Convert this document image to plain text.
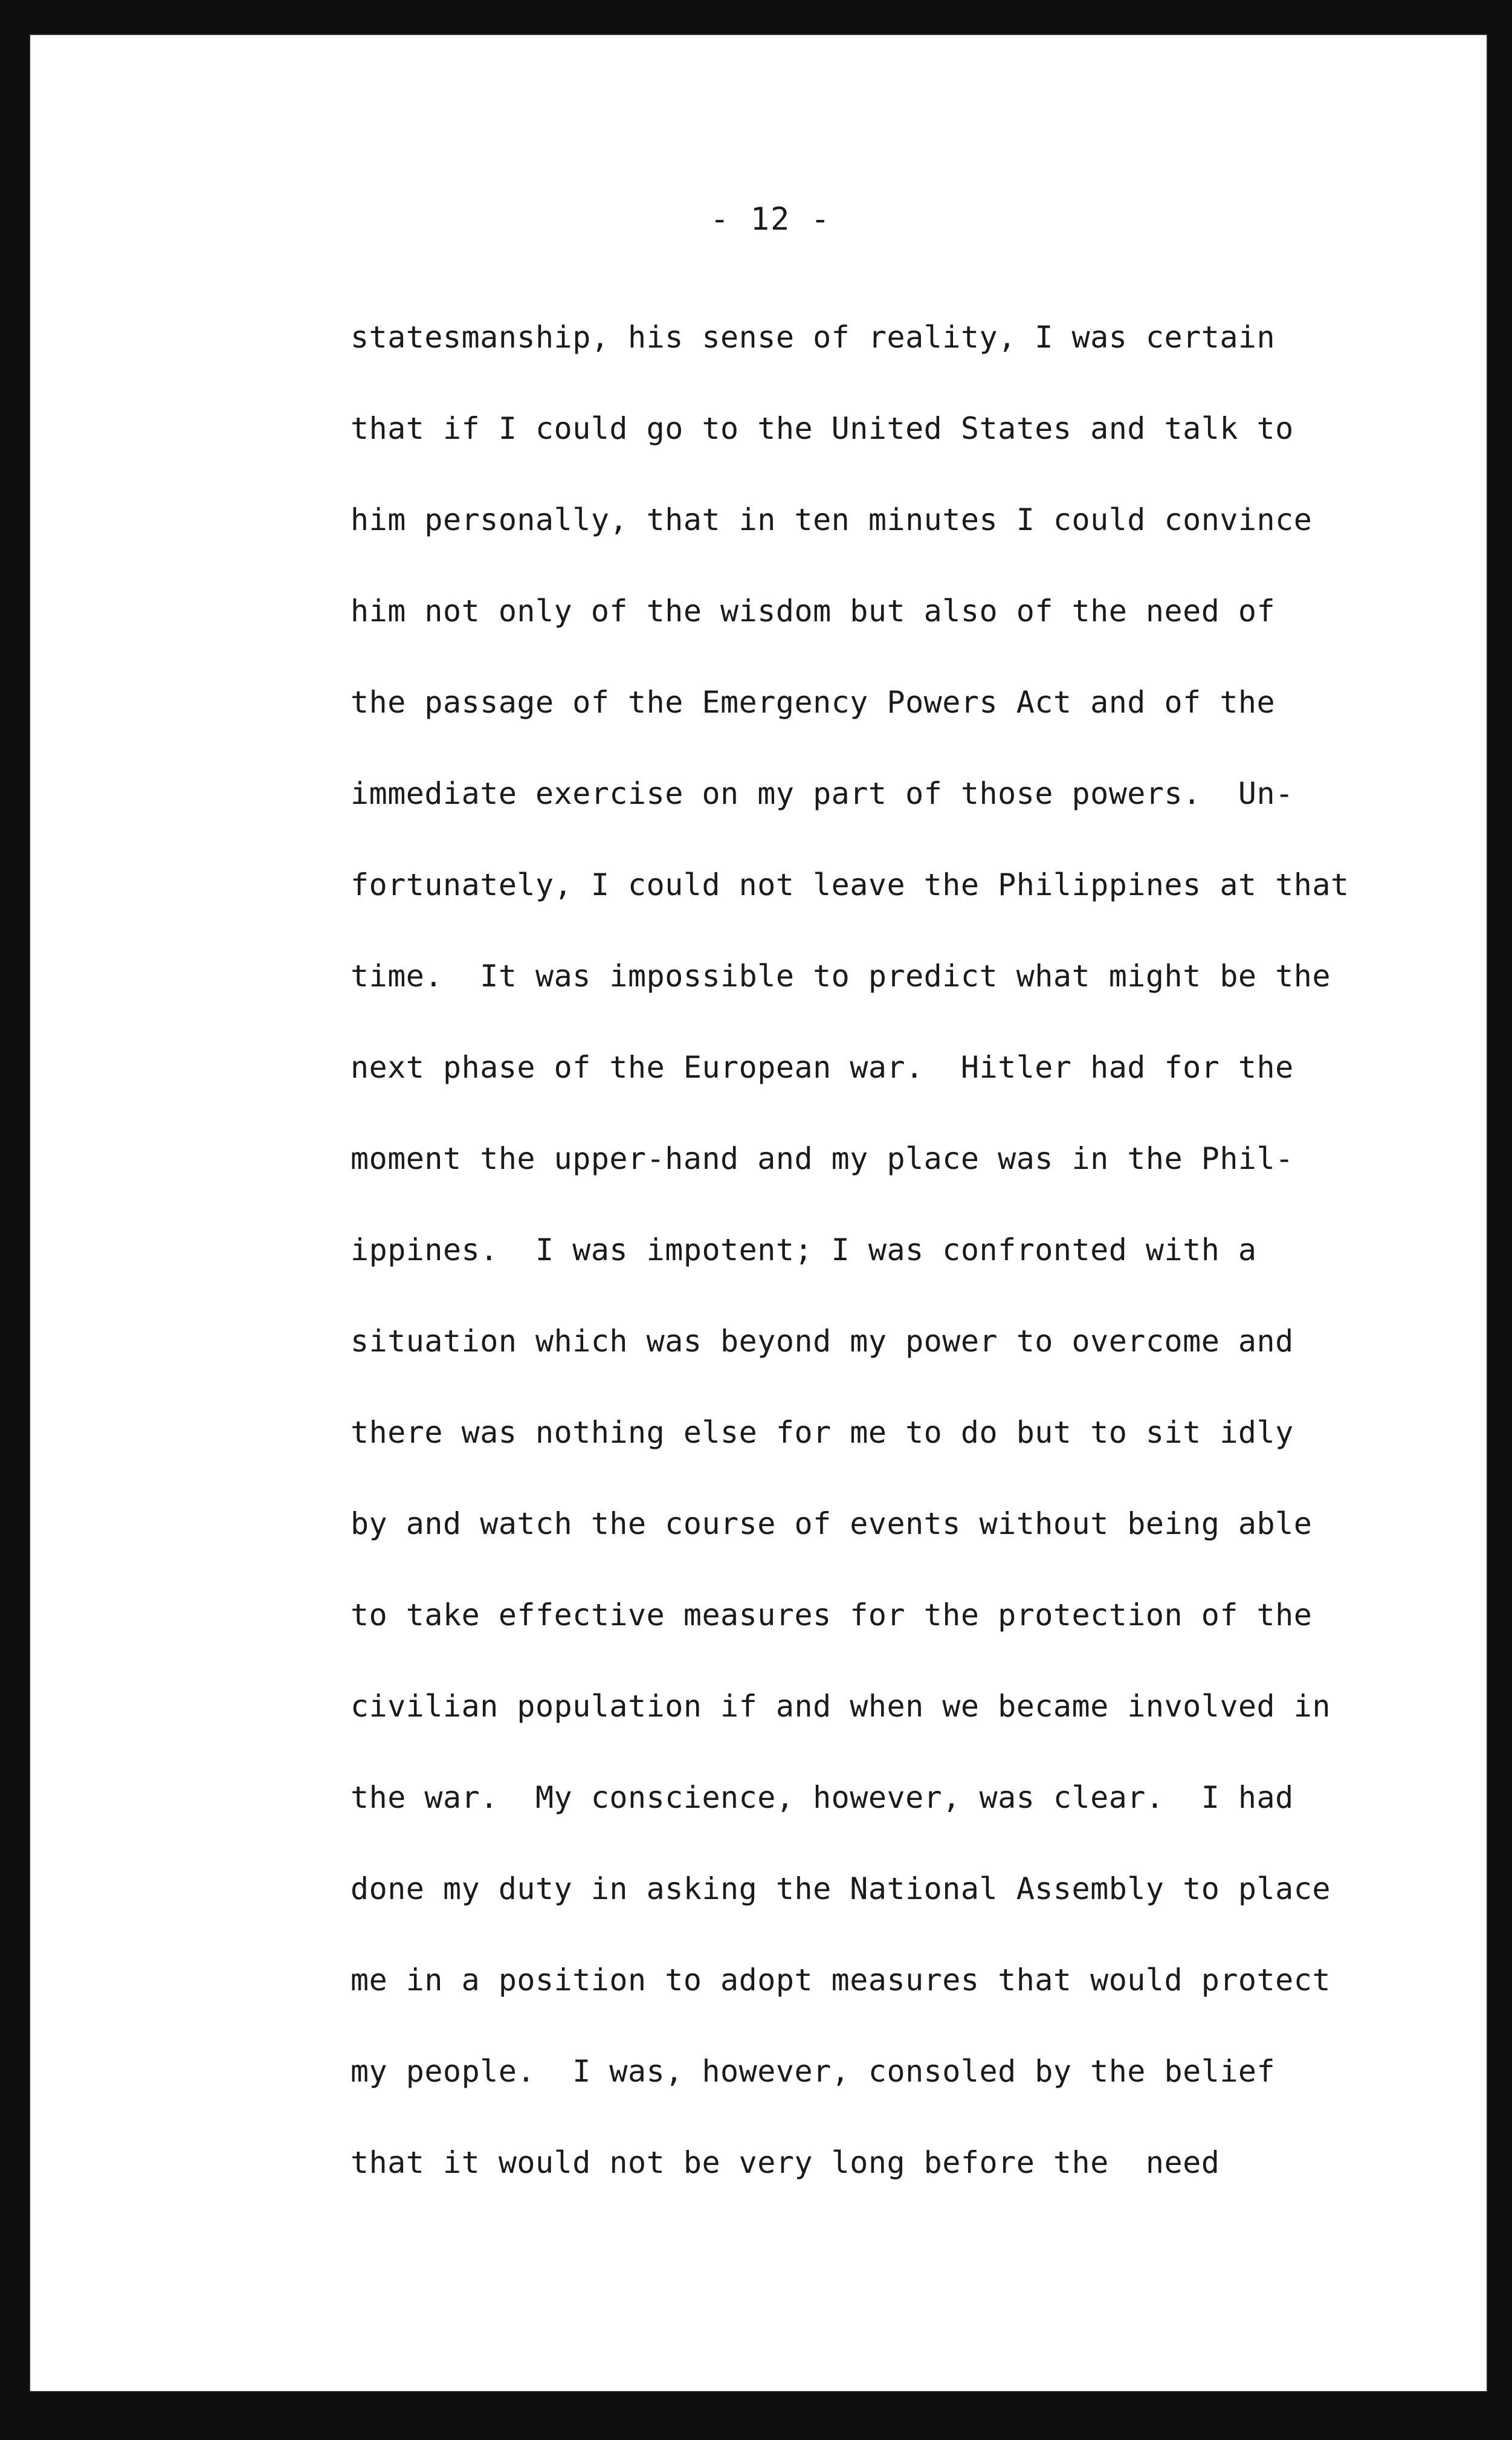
- 12 -
statesmanship, his sense of reality, I was certain
that if I could go to the United States and talk to
him personally, that in ten minutes I could convince
him not only of the wisdom but also of the need of
the passage of the Emergency Powers Act and of the
immediate exercise on my part of those powers.  Un-
fortunately, I could not leave the Philippines at that
time.  It was impossible to predict what might be the
next phase of the European war.  Hitler had for the
moment the upper-hand and my place was in the Phil-
ippines.  I was impotent; I was confronted with a
situation which was beyond my power to overcome and
there was nothing else for me to do but to sit idly
by and watch the course of events without being able
to take effective measures for the protection of the
civilian population if and when we became involved in
the war.  My conscience, however, was clear.  I had
done my duty in asking the National Assembly to place
me in a position to adopt measures that would protect
my people.  I was, however, consoled by the belief
that it would not be very long before the  need
